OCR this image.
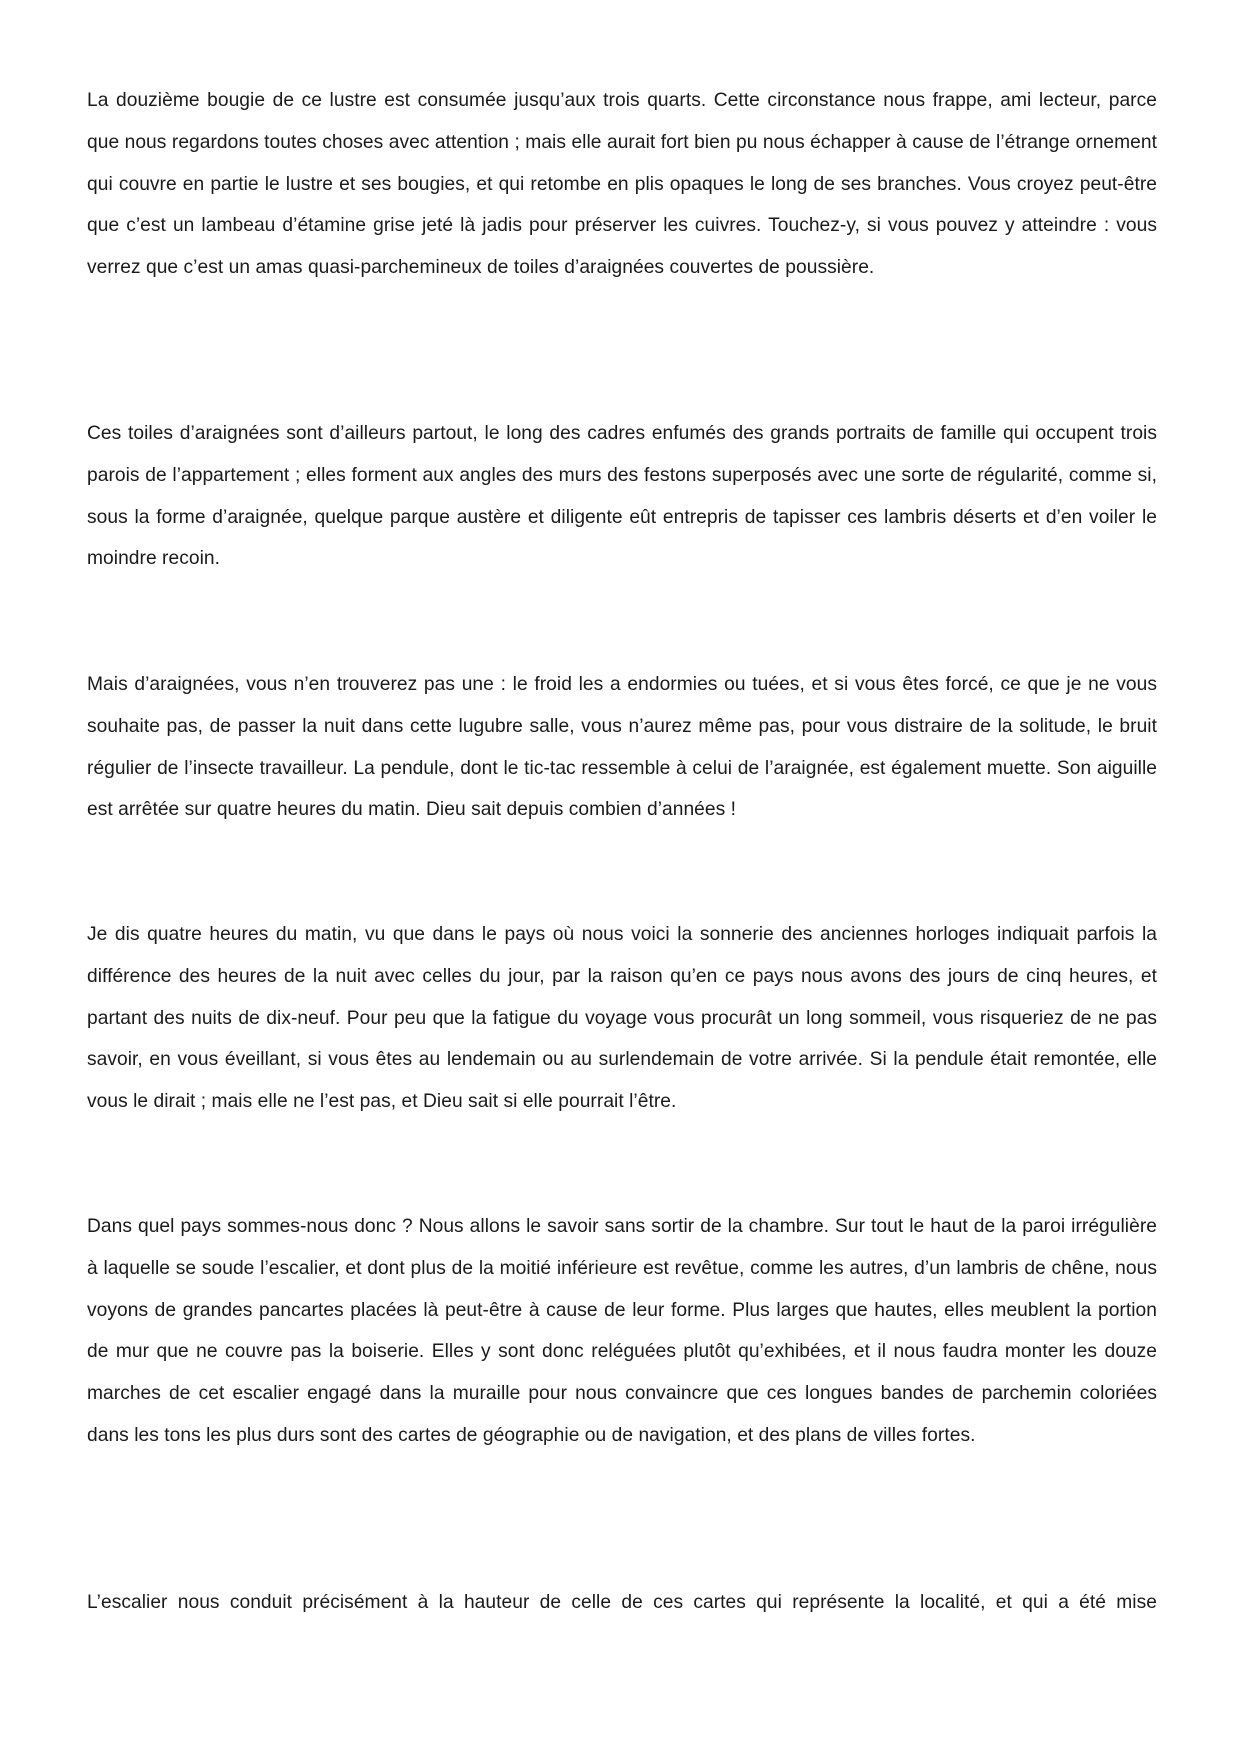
La douzième bougie de ce lustre est consumée jusqu’aux trois quarts. Cette circonstance nous frappe, ami lecteur, parce que nous regardons toutes choses avec attention ; mais elle aurait fort bien pu nous échapper à cause de l’étrange ornement qui couvre en partie le lustre et ses bougies, et qui retombe en plis opaques le long de ses branches. Vous croyez peut-être que c’est un lambeau d’étamine grise jeté là jadis pour préserver les cuivres. Touchez-y, si vous pouvez y atteindre : vous verrez que c’est un amas quasi-parchemineux de toiles d’araignées couvertes de poussière.

Ces toiles d’araignées sont d’ailleurs partout, le long des cadres enfumés des grands portraits de famille qui occupent trois parois de l’appartement ; elles forment aux angles des murs des festons superposés avec une sorte de régularité, comme si, sous la forme d’araignée, quelque parque austère et diligente eût entrepris de tapisser ces lambris déserts et d’en voiler le moindre recoin.

Mais d’araignées, vous n’en trouverez pas une : le froid les a endormies ou tuées, et si vous êtes forcé, ce que je ne vous souhaite pas, de passer la nuit dans cette lugubre salle, vous n’aurez même pas, pour vous distraire de la solitude, le bruit régulier de l’insecte travailleur. La pendule, dont le tic-tac ressemble à celui de l’araignée, est également muette. Son aiguille est arrêtée sur quatre heures du matin. Dieu sait depuis combien d’années !

Je dis quatre heures du matin, vu que dans le pays où nous voici la sonnerie des anciennes horloges indiquait parfois la différence des heures de la nuit avec celles du jour, par la raison qu’en ce pays nous avons des jours de cinq heures, et partant des nuits de dix-neuf. Pour peu que la fatigue du voyage vous procurât un long sommeil, vous risqueriez de ne pas savoir, en vous éveillant, si vous êtes au lendemain ou au surlendemain de votre arrivée. Si la pendule était remontée, elle vous le dirait ; mais elle ne l’est pas, et Dieu sait si elle pourrait l’être.

Dans quel pays sommes-nous donc ? Nous allons le savoir sans sortir de la chambre. Sur tout le haut de la paroi irrégulière à laquelle se soude l’escalier, et dont plus de la moitié inférieure est revêtue, comme les autres, d’un lambris de chêne, nous voyons de grandes pancartes placées là peut-être à cause de leur forme. Plus larges que hautes, elles meublent la portion de mur que ne couvre pas la boiserie. Elles y sont donc reléguées plutôt qu’exhibées, et il nous faudra monter les douze marches de cet escalier engagé dans la muraille pour nous convaincre que ces longues bandes de parchemin coloriées dans les tons les plus durs sont des cartes de géographie ou de navigation, et des plans de villes fortes.

L’escalier nous conduit précisément à la hauteur de celle de ces cartes qui représente la localité, et qui a été mise
